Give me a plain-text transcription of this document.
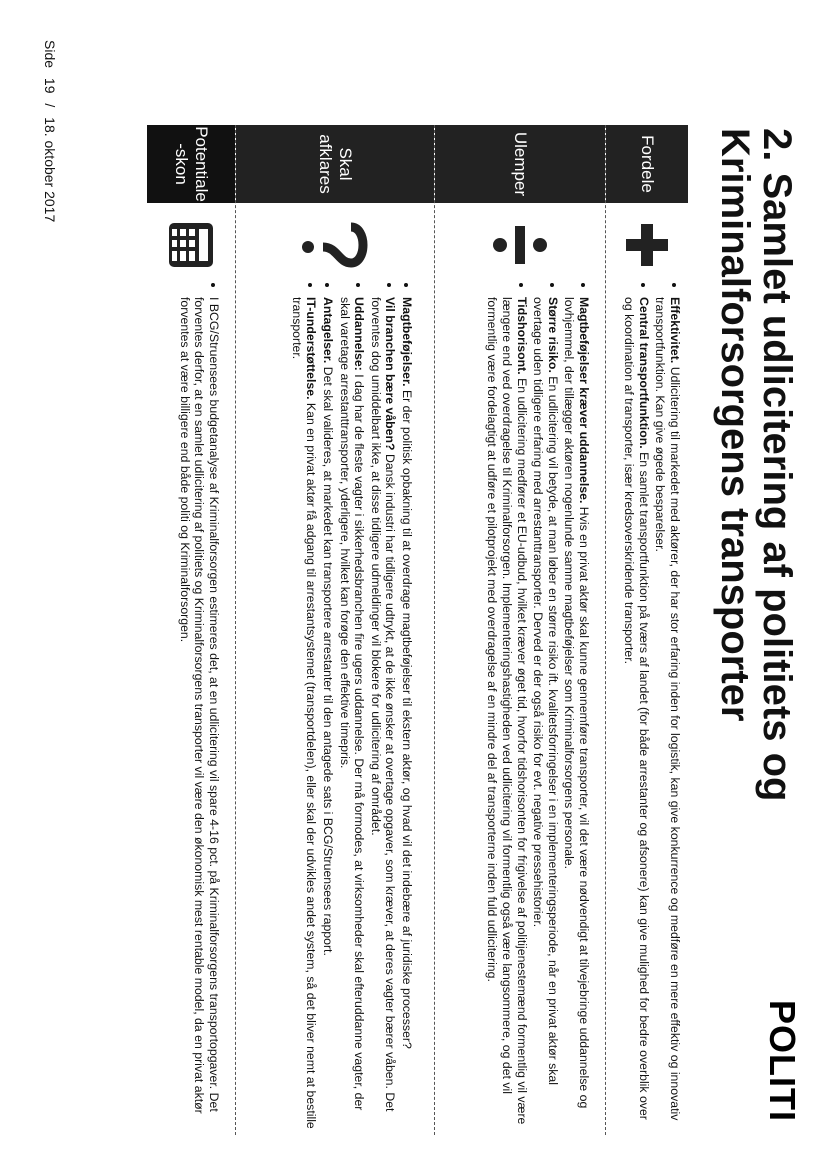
2. Samlet udlicitering af politiets og Kriminalforsorgens transporter
POLITI
Fordele
• Effektivitet. Udlicitering til markedet med aktører, der har stor erfaring inden for logistik, kan give konkurrence og medføre en mere effektiv og innovativ transportfunktion. Kan give øgede besparelser.
• Central transportfunktion. En samlet transportfunktion på tværs af landet (for både arrestanter og afsonere) kan give mulighed for bedre overblik over og koordination af transporter, især kredsoverskridende transporter.
Ulemper
• Magtbeføjelser kræver uddannelse. Hvis en privat aktør skal kunne gennemføre transporter, vil det være nødvendigt at tilvejebringe uddannelse og lovhjemmel, der tillægger aktøren nogenlunde samme magtbeføjelser som Kriminalforsorgens personale.
• Større risiko. En udlicitering vil betyde, at man løber en større risiko ift. kvalitetsforringelser i en implementeringsperiode, når en privat aktør skal overtage uden tidligere erfaring med arrestanttransporter. Derved er der også risiko for evt. negative pressehistorier.
• Tidshorisont. En udlicitering medfører et EU-udbud, hvilket kræver øget tid, hvorfor tidshorisonten for frigivelse af politijenestemænd formentlig vil være længere end ved overdragelse til Kriminalforsorgen. Implementeringshastigheden ved udlicitering vil formentlig også være langsommere, og det vil formentlig være fordelagtigt at udføre et pilotprojekt med overdragelse af en mindre del af transporterne inden fuld udlicitering.
Skal afklares
• Magtbeføjelser. Er der politisk opbakning til at overdrage magtbeføjelser til ekstern aktør, og hvad vil det indebære af juridiske processer?
• Vil branchen bære våben? Dansk industri har tidligere udtrykt, at de ikke ønsker at overtage opgaver, som kræver, at deres vagter bærer våben. Det forventes dog umiddelbart ikke, at disse tidligere udmeldinger vil blokere for udlicitering af området.
• Uddannelse: I dag har de fleste vagter i sikkerhedsbranchen fire ugers uddannelse. Der må formodes, at virksomheder skal efteruddanne vagter, der skal varetage arrestanttransporter, yderligere, hvilket kan forøge den effektive timepris.
• Antagelser. Det skal valideres, at markedet kan transportere arrestanter til den antagede sats i BCG/Struensees rapport.
• IT-understøttelse. Kan en privat aktør få adgang til arrestantsystemet (transportdelen), eller skal der udvikles andet system, så det bliver nemt at bestille transporter.
Potentiale -skon
• I BCG/Struensees budgetanalyse af Kriminalforsorgen estimeres det, at en udlicitering vil spare 4-16 pct. på Kriminalforsorgens transportopgaver. Det forventes derfor, at en samlet udlicitering af politiets og Kriminalforsorgens transporter vil være den økonomisk mest rentable model, da en privat aktør forventes at være billigere end både politi og Kriminalforsorgen.
Side 19 / 18. oktober 2017
